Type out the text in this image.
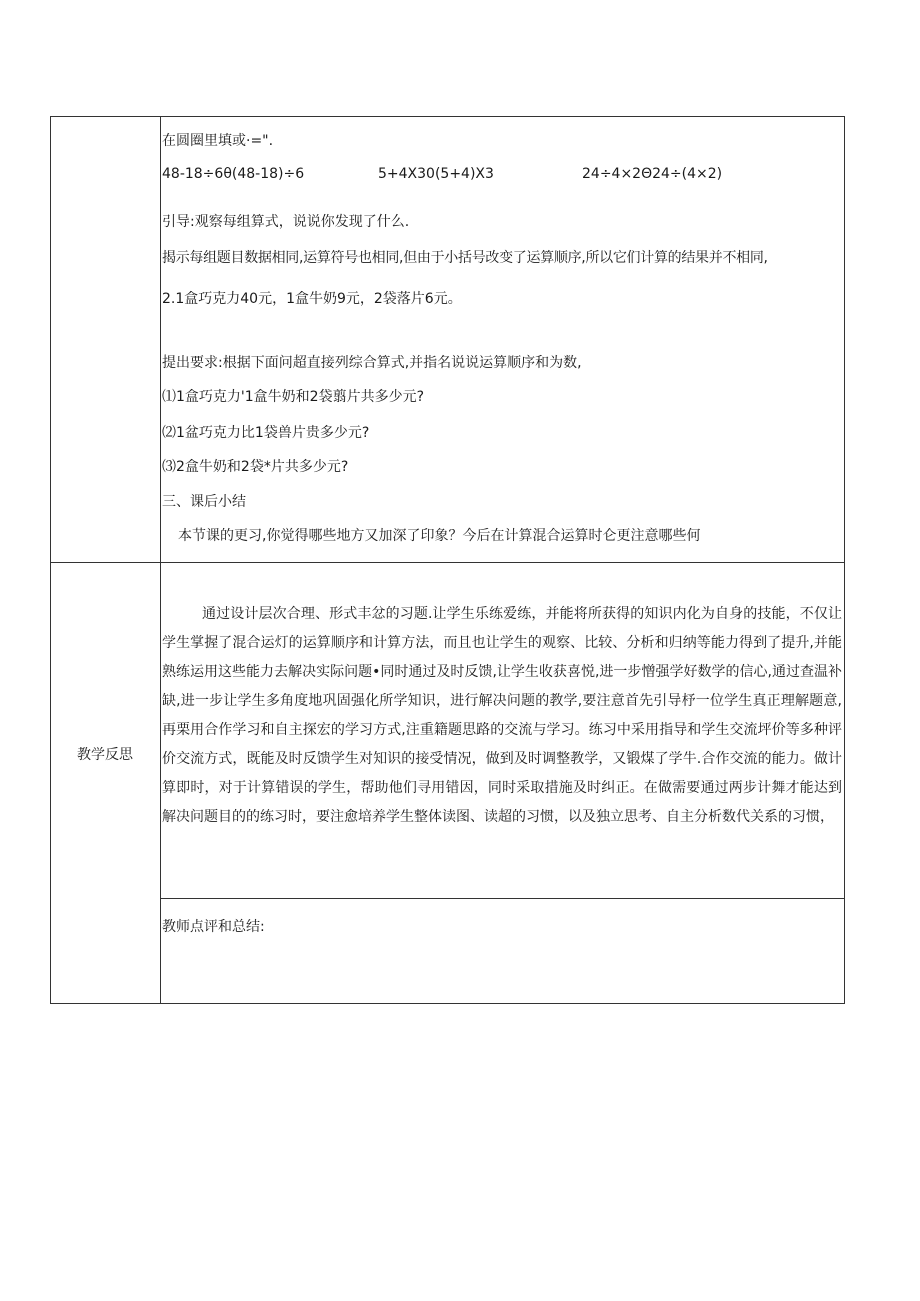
在圆圈里填或·=".
48-18÷6θ(48-18)÷6	5+4X30(5+4)X3	24÷4×2Θ24÷(4×2)
引导:观察每组算式，说说你发现了什么.
揭示每组题目数据相同,运算符号也相同,但由于小括号改变了运算顺序,所以它们计算的结果并不相同,
2.1盒巧克力40元，1盒牛奶9元，2袋落片6元。
提出要求:根据下面问超直接列综合算式,并指名说说运算顺序和为数,
⑴1盒巧克力'1盒牛奶和2袋翦片共多少元?
⑵1盆巧克力比1袋兽片贵多少元?
⑶2盒牛奶和2袋*片共多少元?
三、课后小结
本节课的更习,你觉得哪些地方又加深了印象？今后在计算混合运算时仑更注意哪些何
教学反思
通过设计层次合理、形式丰忿的习题.让学生乐练爱练，并能将所获得的知识内化为自身的技能，不仅让学生掌握了混合运灯的运算顺序和计算方法，而且也让学生的观察、比较、分析和归纳等能力得到了提升,并能熟练运用这些能力去解决实际问题•同时通过及时反馈,让学生收获喜悦,进一步憎强学好数学的信心,通过查温补缺,进一步让学生多角度地巩固强化所学知识，进行解决问题的教学,要注意首先引导杼一位学生真正理解题意,再栗用合作学习和自主探宏的学习方式,注重籍题思路的交流与学习。练习中采用指导和学生交流坪价等多种评价交流方式，既能及时反馈学生对知识的接受情况，做到及时调整教学，又锻煤了学牛.合作交流的能力。做计算即时，对于计算错误的学生，帮助他们寻用错因，同时采取措施及时纠正。在做需要通过两步计舞才能达到解决问题目的的练习时，要注愈培养学生整体读图、读超的习惯，以及独立思考、自主分析数代关系的习惯，
教师点评和总结:
